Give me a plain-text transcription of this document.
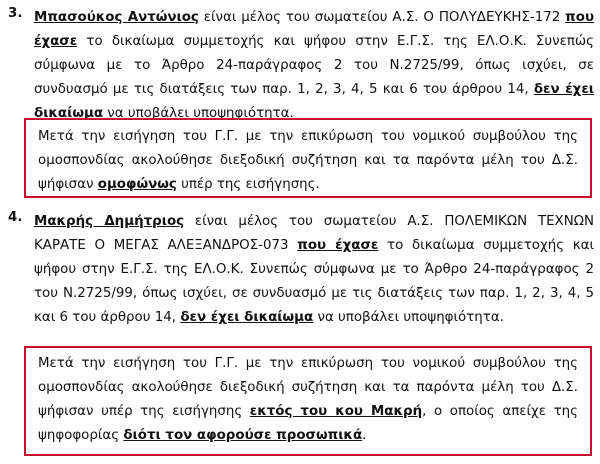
3. Μπασούκος Αντώνιος είναι μέλος του σωματείου Α.Σ. Ο ΠΟΛΥΔΕΥΚΗΣ-172 που έχασε το δικαίωμα συμμετοχής και ψήφου στην Ε.Γ.Σ. της ΕΛ.Ο.Κ. Συνεπώς σύμφωνα με το Άρθρο 24-παράγραφος 2 του Ν.2725/99, όπως ισχύει, σε συνδυασμό με τις διατάξεις των παρ. 1, 2, 3, 4, 5 και 6 του άρθρου 14, δεν έχει δικαίωμα να υποβάλει υποψηφιότητα.

Μετά την εισήγηση του Γ.Γ. με την επικύρωση του νομικού συμβούλου της ομοσπονδίας ακολούθησε διεξοδική συζήτηση και τα παρόντα μέλη του Δ.Σ. ψήφισαν ομοφώνως υπέρ της εισήγησης.

4. Μακρής Δημήτριος είναι μέλος του σωματείου Α.Σ. ΠΟΛΕΜΙΚΩΝ ΤΕΧΝΩΝ ΚΑΡΑΤΕ Ο ΜΕΓΑΣ ΑΛΕΞΑΝΔΡΟΣ-073 που έχασε το δικαίωμα συμμετοχής και ψήφου στην Ε.Γ.Σ. της ΕΛ.Ο.Κ. Συνεπώς σύμφωνα με το Άρθρο 24-παράγραφος 2 του Ν.2725/99, όπως ισχύει, σε συνδυασμό με τις διατάξεις των παρ. 1, 2, 3, 4, 5 και 6 του άρθρου 14, δεν έχει δικαίωμα να υποβάλει υποψηφιότητα.

Μετά την εισήγηση του Γ.Γ. με την επικύρωση του νομικού συμβούλου της ομοσπονδίας ακολούθησε διεξοδική συζήτηση και τα παρόντα μέλη του Δ.Σ. ψήφισαν υπέρ της εισήγησης εκτός του κου Μακρή, ο οποίος απείχε της ψηφοφορίας διότι τον αφορούσε προσωπικά.
